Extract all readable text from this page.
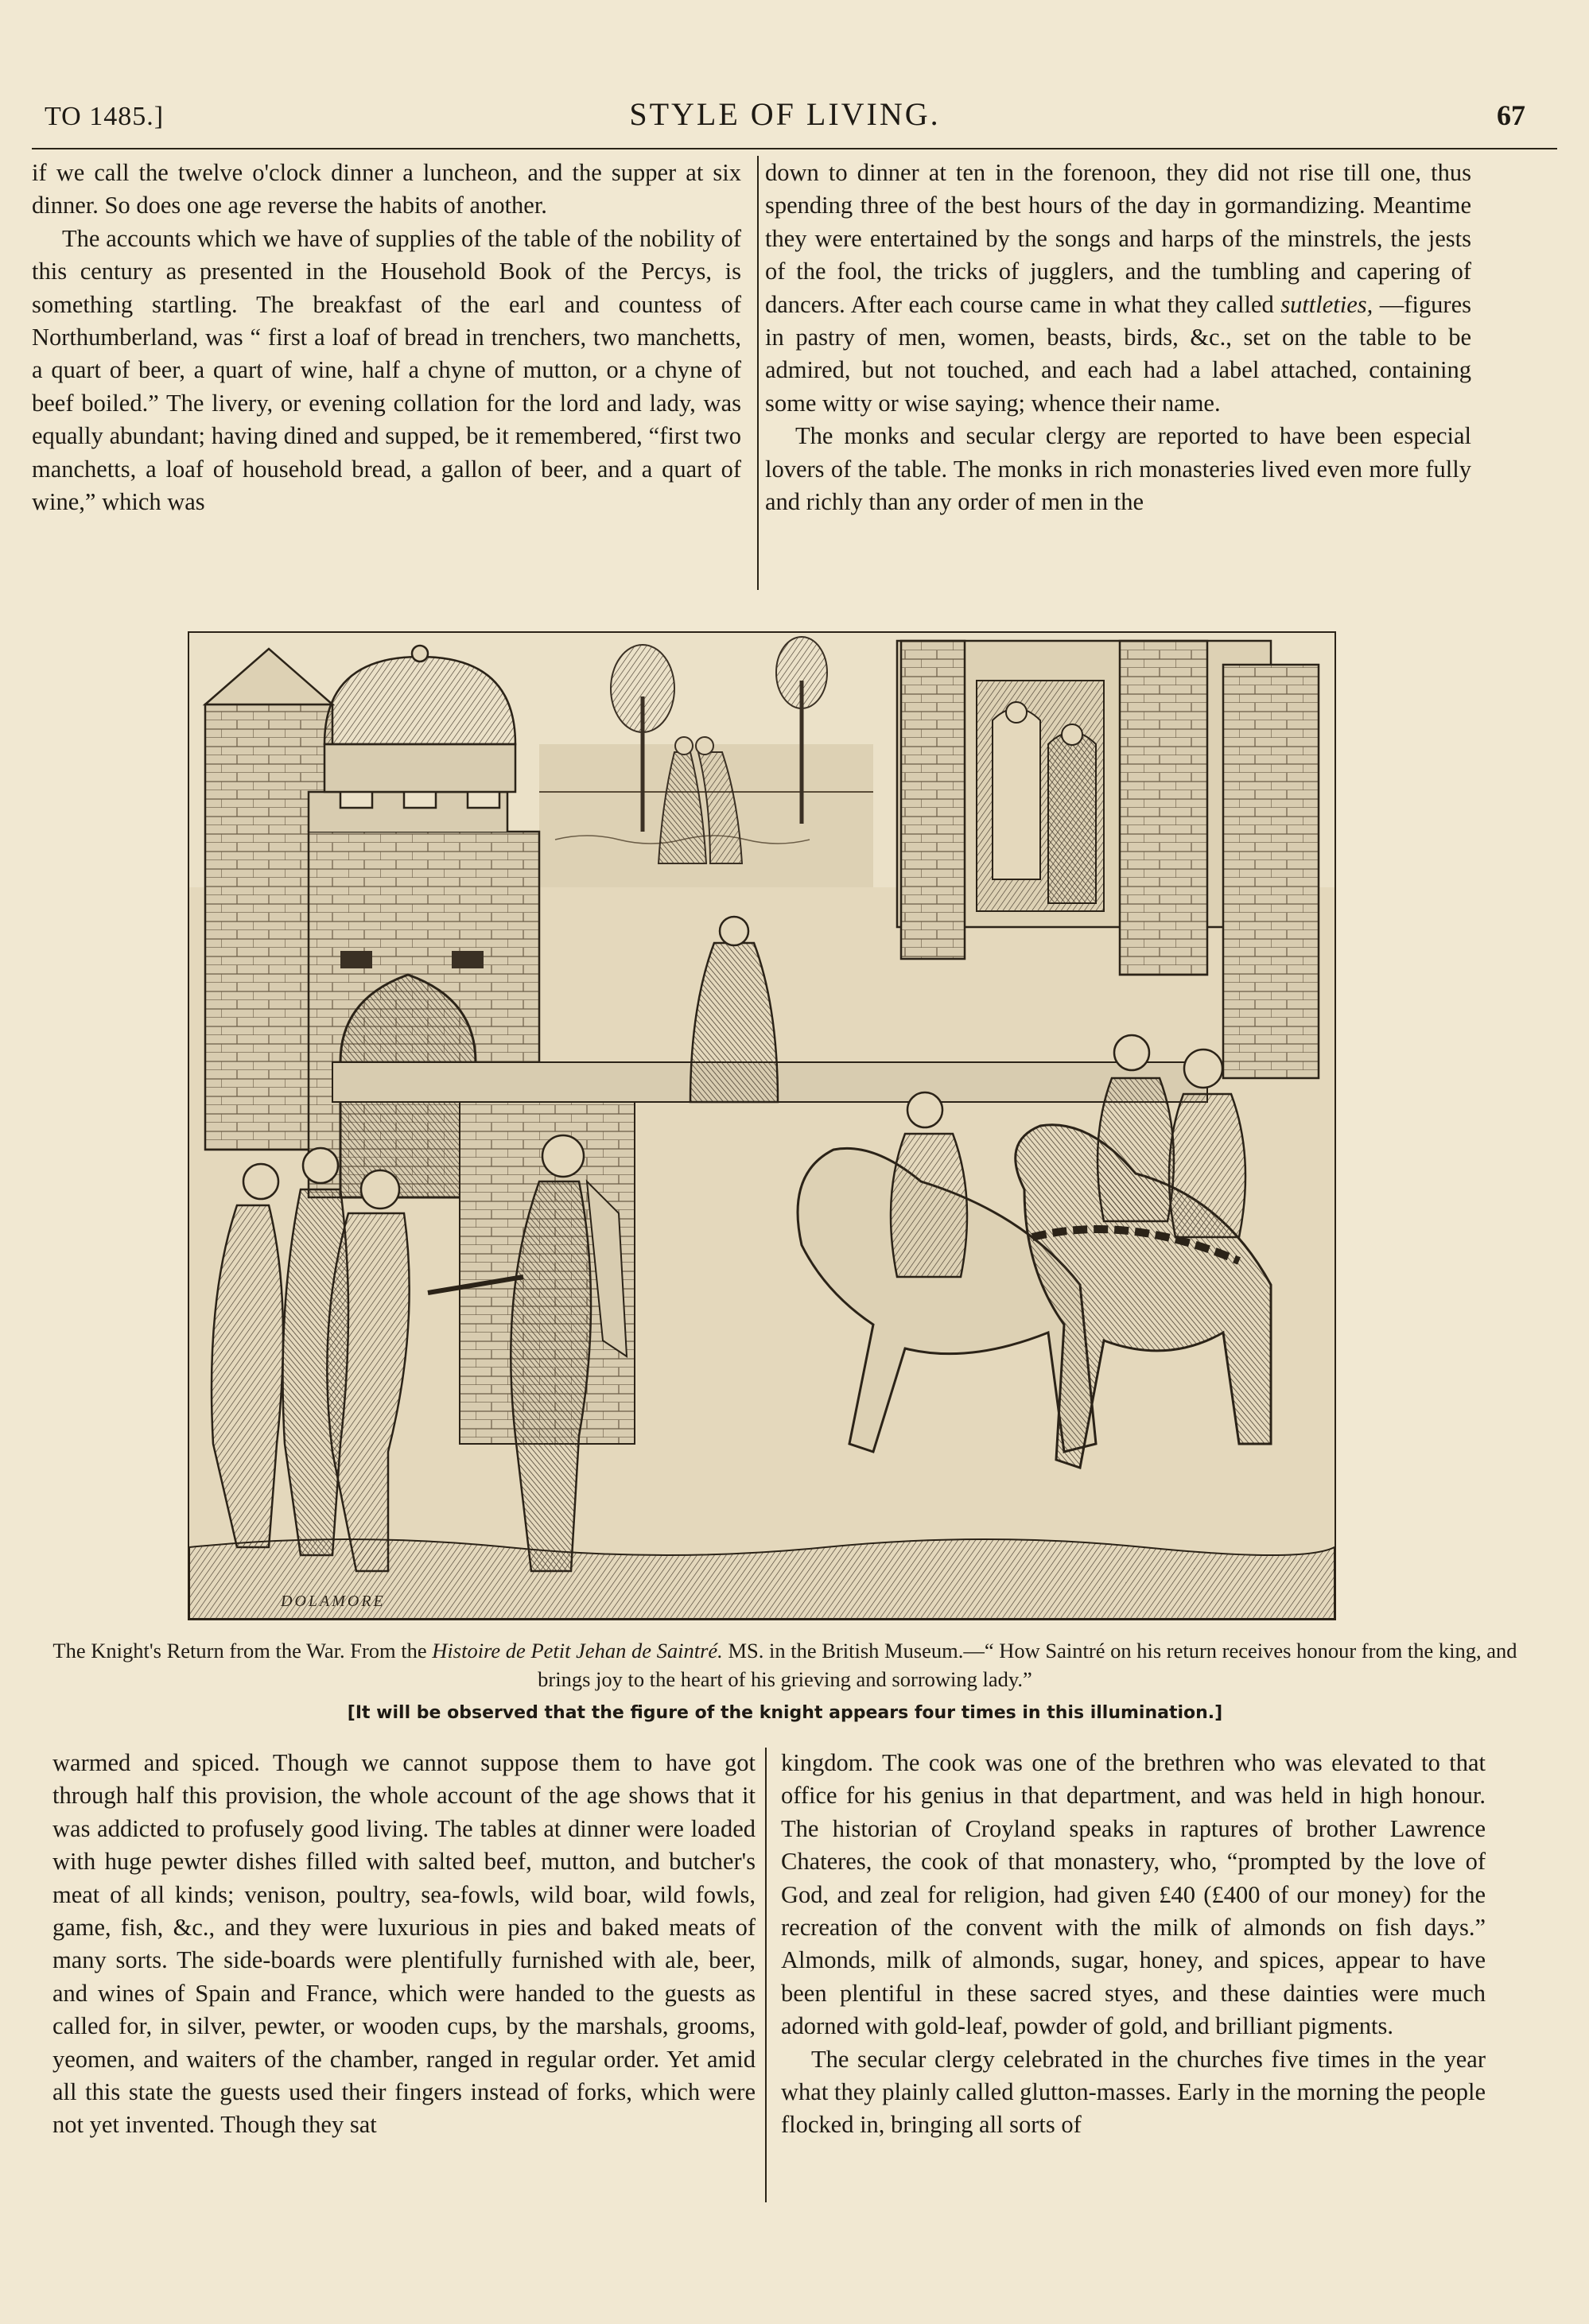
TO 1485.]	STYLE OF LIVING.	67

if we call the twelve o'clock dinner a luncheon, and the supper at six dinner. So does one age reverse the habits of another.

The accounts which we have of supplies of the table of the nobility of this century as presented in the Household Book of the Percys, is something startling. The breakfast of the earl and countess of Northumberland, was “ first a loaf of bread in trenchers, two manchetts, a quart of beer, a quart of wine, half a chyne of mutton, or a chyne of beef boiled.” The livery, or evening collation for the lord and lady, was equally abundant; having dined and supped, be it remembered, “first two manchetts, a loaf of household bread, a gallon of beer, and a quart of wine,” which was

down to dinner at ten in the forenoon, they did not rise till one, thus spending three of the best hours of the day in gormandizing. Meantime they were entertained by the songs and harps of the minstrels, the jests of the fool, the tricks of jugglers, and the tumbling and capering of dancers. After each course came in what they called suttleties, —figures in pastry of men, women, beasts, birds, &c., set on the table to be admired, but not touched, and each had a label attached, containing some witty or wise saying; whence their name.

The monks and secular clergy are reported to have been especial lovers of the table. The monks in rich monasteries lived even more fully and richly than any order of men in the

DOLAMORE
The Knight's Return from the War. From the Histoire de Petit Jehan de Saintré. MS. in the British Museum.—“ How Saintré on his return receives honour from the king, and brings joy to the heart of his grieving and sorrowing lady.”
[It will be observed that the figure of the knight appears four times in this illumination.]

warmed and spiced. Though we cannot suppose them to have got through half this provision, the whole account of the age shows that it was addicted to profusely good living. The tables at dinner were loaded with huge pewter dishes filled with salted beef, mutton, and butcher's meat of all kinds; venison, poultry, sea-fowls, wild boar, wild fowls, game, fish, &c., and they were luxurious in pies and baked meats of many sorts. The side-boards were plentifully furnished with ale, beer, and wines of Spain and France, which were handed to the guests as called for, in silver, pewter, or wooden cups, by the marshals, grooms, yeomen, and waiters of the chamber, ranged in regular order. Yet amid all this state the guests used their fingers instead of forks, which were not yet invented. Though they sat

kingdom. The cook was one of the brethren who was elevated to that office for his genius in that department, and was held in high honour. The historian of Croyland speaks in raptures of brother Lawrence Chateres, the cook of that monastery, who, “prompted by the love of God, and zeal for religion, had given £40 (£400 of our money) for the recreation of the convent with the milk of almonds on fish days.” Almonds, milk of almonds, sugar, honey, and spices, appear to have been plentiful in these sacred styes, and these dainties were much adorned with gold-leaf, powder of gold, and brilliant pigments.

The secular clergy celebrated in the churches five times in the year what they plainly called glutton-masses. Early in the morning the people flocked in, bringing all sorts of
